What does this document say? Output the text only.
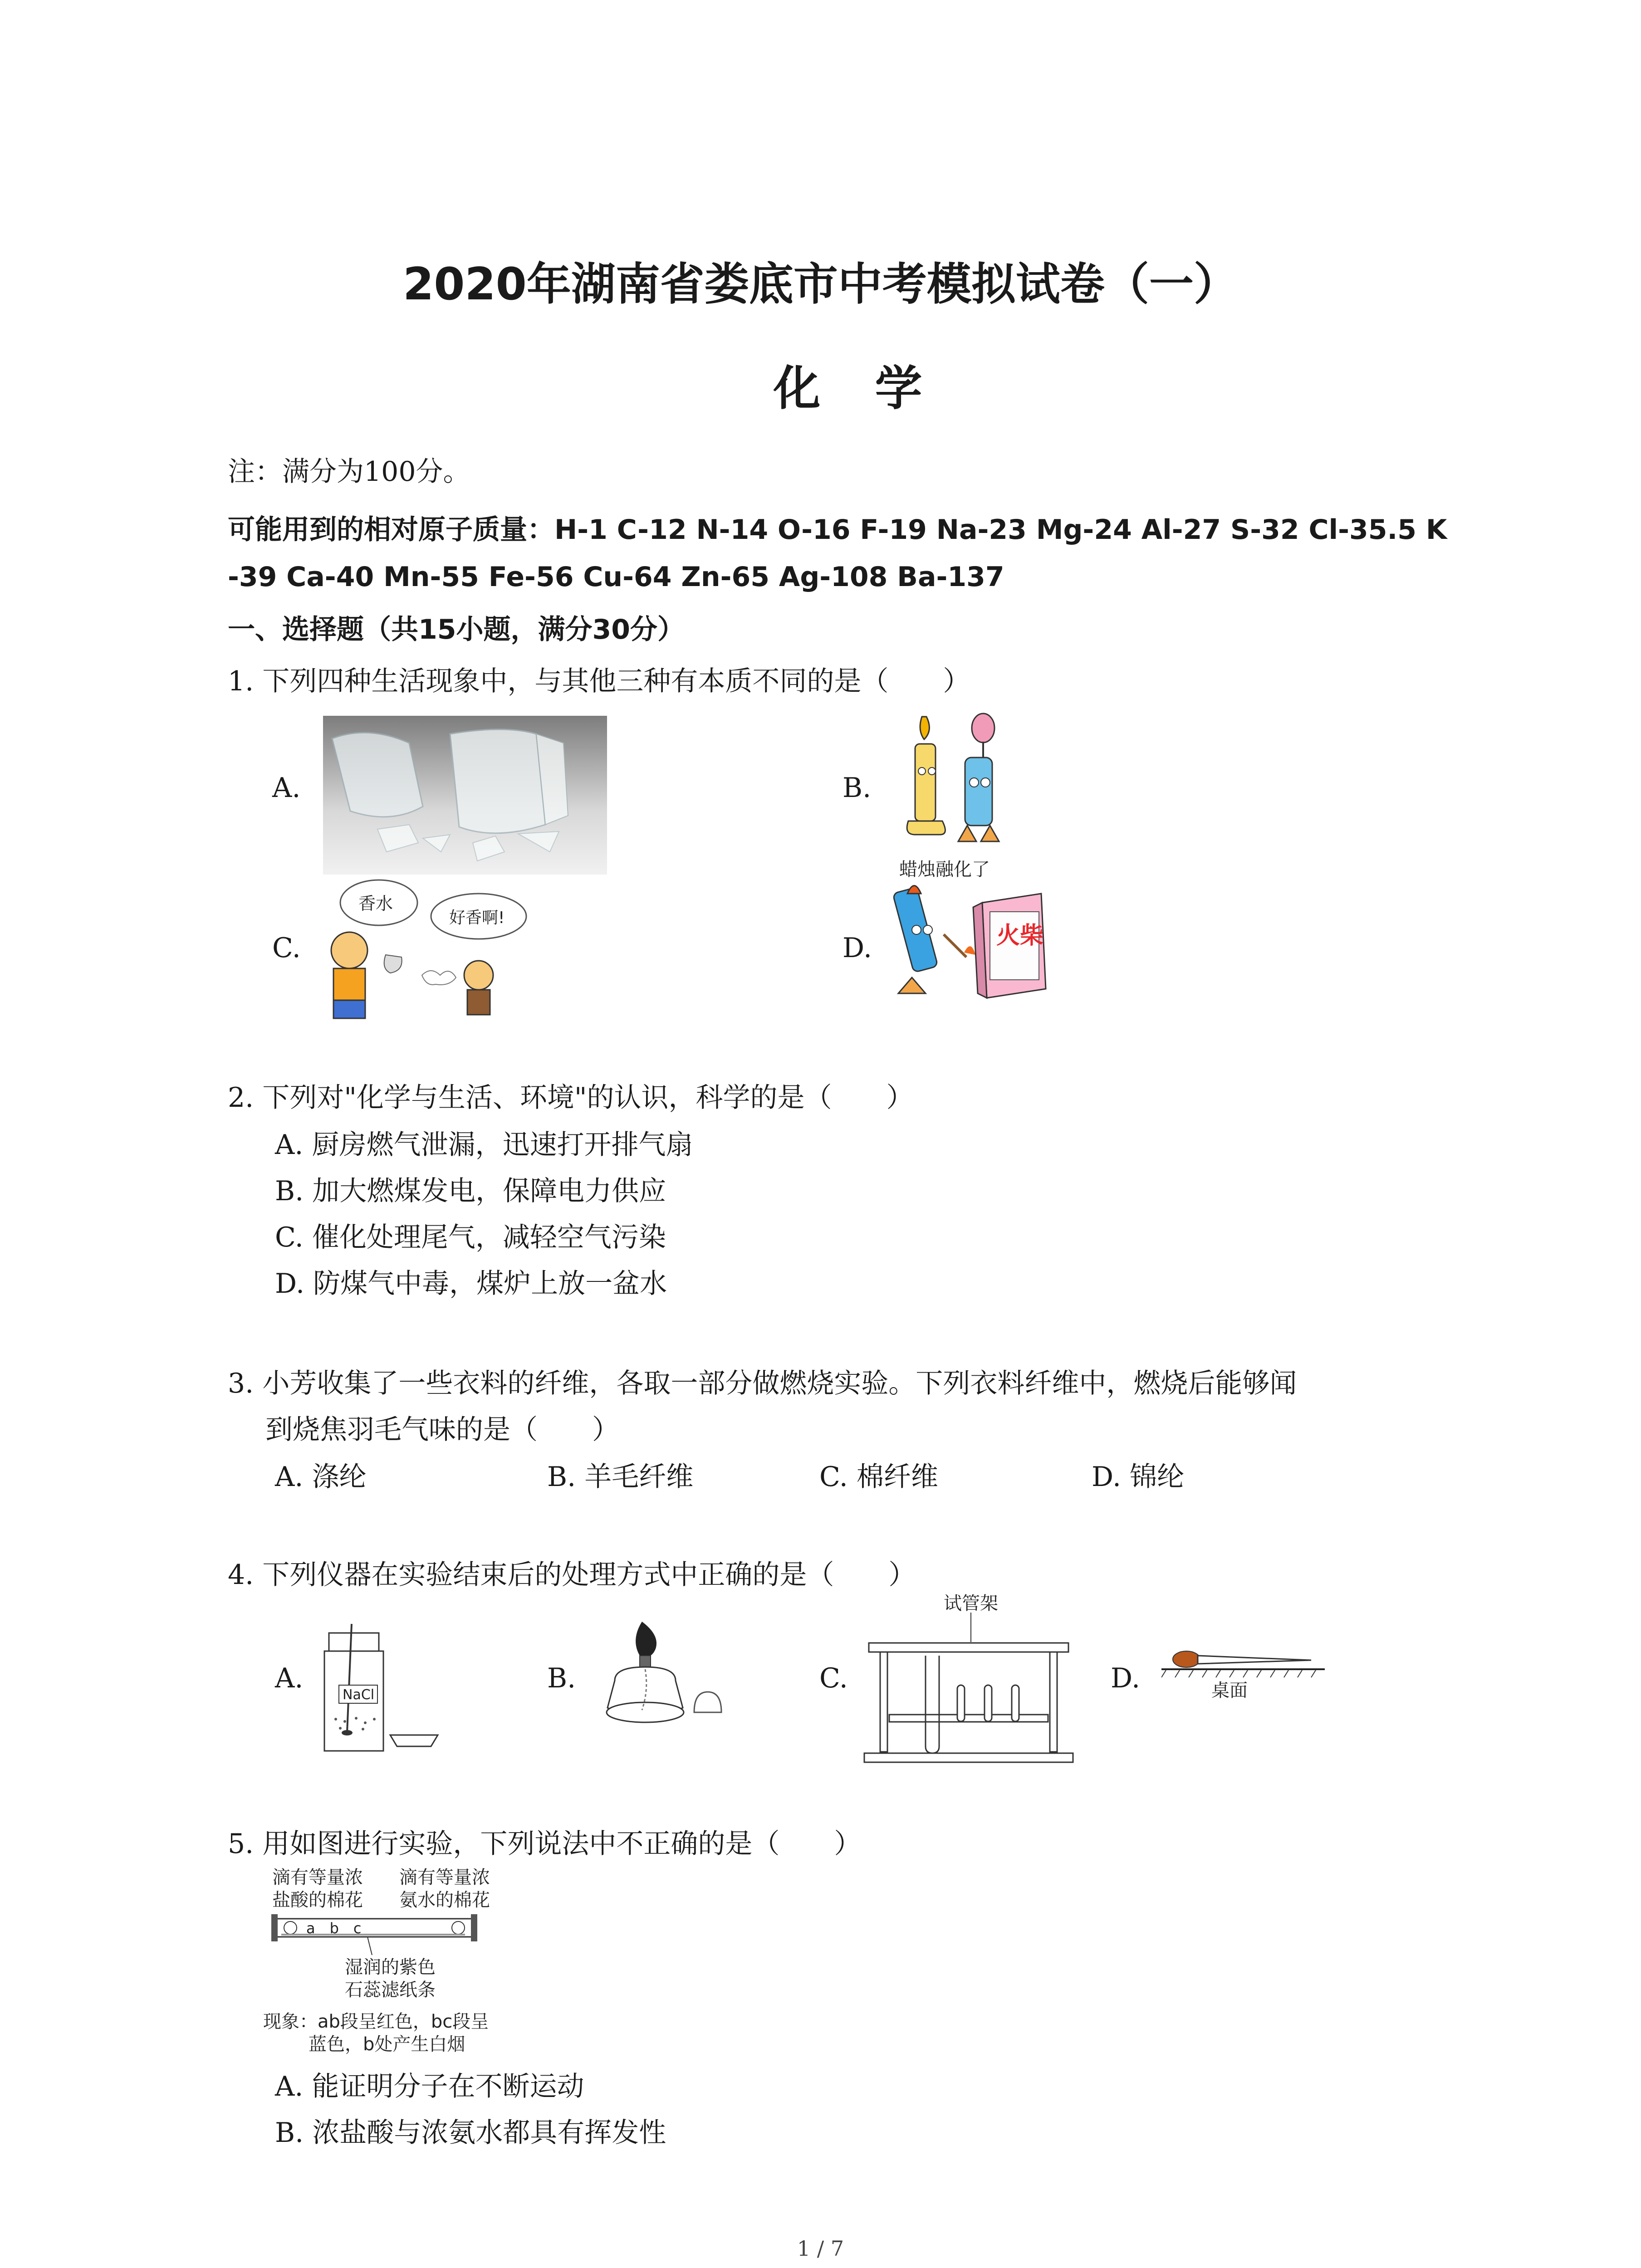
2020年湖南省娄底市中考模拟试卷（一）
化学
注：满分为100分。
可能用到的相对原子质量：H-1 C-12 N-14 O-16 F-19 Na-23 Mg-24 Al-27 S-32 Cl-35.5 K
-39 Ca-40 Mn-55 Fe-56 Cu-64 Zn-65 Ag-108 Ba-137
一、选择题（共15小题，满分30分）
1. 下列四种生活现象中，与其他三种有本质不同的是（　　）
A.	B.
C.	D.
蜡烛融化了
香水
好香啊!
火柴
2. 下列对"化学与生活、环境"的认识，科学的是（　　）
A. 厨房燃气泄漏，迅速打开排气扇
B. 加大燃煤发电，保障电力供应
C. 催化处理尾气，减轻空气污染
D. 防煤气中毒，煤炉上放一盆水
3. 小芳收集了一些衣料的纤维，各取一部分做燃烧实验。下列衣料纤维中，燃烧后能够闻
到烧焦羽毛气味的是（　　）
A. 涤纶	B. 羊毛纤维	C. 棉纤维	D. 锦纶
4. 下列仪器在实验结束后的处理方式中正确的是（　　）
A.	B.	C.	D.
NaCl
试管架
桌面
5. 用如图进行实验，下列说法中不正确的是（　　）
滴有等量浓
盐酸的棉花
滴有等量浓
氨水的棉花
a　b　c
湿润的紫色
石蕊滤纸条
现象：ab段呈红色，bc段呈
蓝色，b处产生白烟
A. 能证明分子在不断运动
B. 浓盐酸与浓氨水都具有挥发性
1 / 7
